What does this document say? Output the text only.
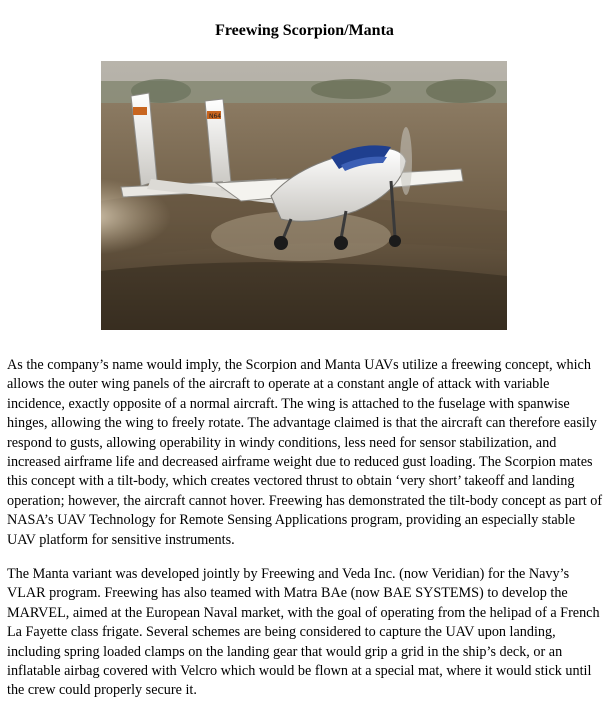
Freewing Scorpion/Manta
N64

As the company’s name would imply, the Scorpion and Manta UAVs utilize a freewing concept, which allows the outer wing panels of the aircraft to operate at a constant angle of attack with variable incidence, exactly opposite of a normal aircraft. The wing is attached to the fuselage with spanwise hinges, allowing the wing to freely rotate. The advantage claimed is that the aircraft can therefore easily respond to gusts, allowing operability in windy conditions, less need for sensor stabilization, and increased airframe life and decreased airframe weight due to reduced gust loading. The Scorpion mates this concept with a tilt-body, which creates vectored thrust to obtain ‘very short’ takeoff and landing operation; however, the aircraft cannot hover. Freewing has demonstrated the tilt-body concept as part of NASA’s UAV Technology for Remote Sensing Applications program, providing an especially stable UAV platform for sensitive instruments.

The Manta variant was developed jointly by Freewing and Veda Inc. (now Veridian) for the Navy’s VLAR program. Freewing has also teamed with Matra BAe (now BAE SYSTEMS) to develop the MARVEL, aimed at the European Naval market, with the goal of operating from the helipad of a French La Fayette class frigate. Several schemes are being considered to capture the UAV upon landing, including spring loaded clamps on the landing gear that would grip a grid in the ship’s deck, or an inflatable airbag covered with Velcro which would be flown at a special mat, where it would stick until the crew could properly secure it.
